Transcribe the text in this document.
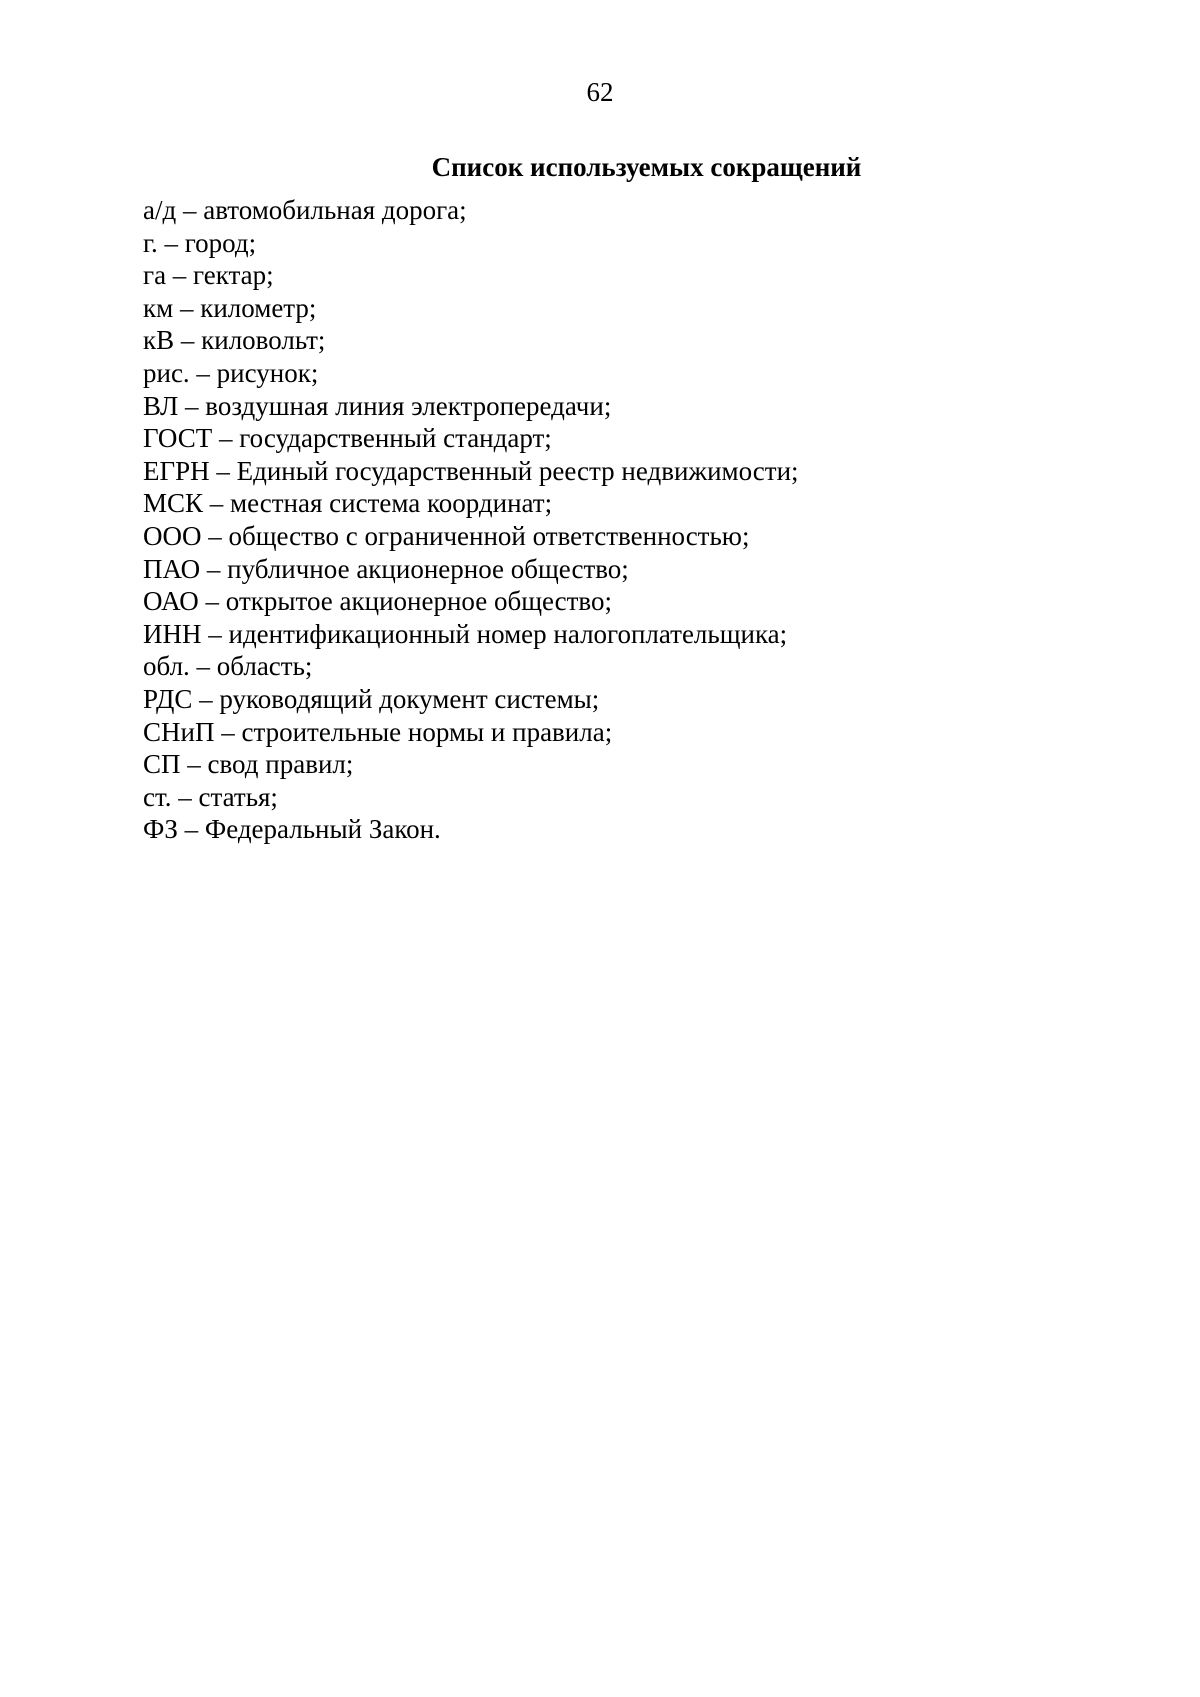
62
Список используемых сокращений
а/д – автомобильная дорога;
г. – город;
га – гектар;
км – километр;
кВ – киловольт;
рис. – рисунок;
ВЛ – воздушная линия электропередачи;
ГОСТ – государственный стандарт;
ЕГРН – Единый государственный реестр недвижимости;
МСК – местная система координат;
ООО – общество с ограниченной ответственностью;
ПАО – публичное акционерное общество;
ОАО – открытое акционерное общество;
ИНН – идентификационный номер налогоплательщика;
обл. – область;
РДС – руководящий документ системы;
СНиП – строительные нормы и правила;
СП – свод правил;
ст. – статья;
ФЗ – Федеральный Закон.
